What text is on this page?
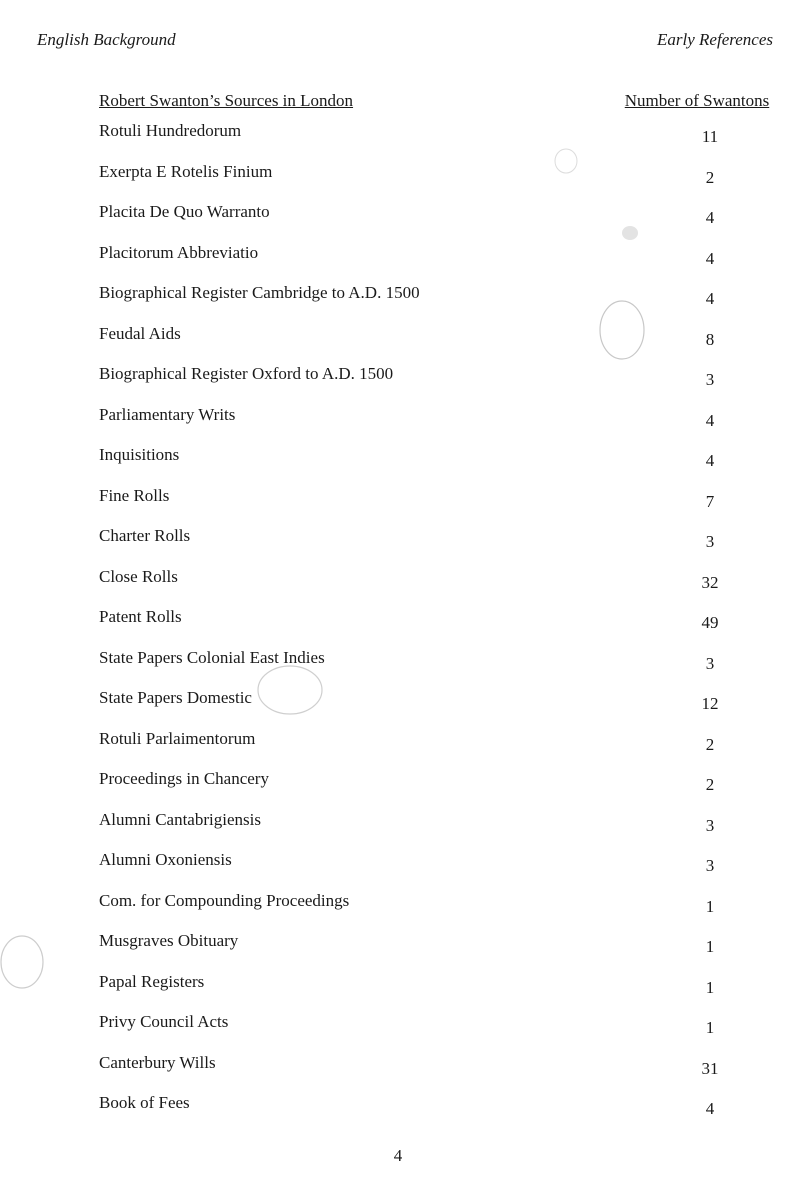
English Background	Early References
Robert Swanton’s Sources in London	Number of Swantons
Rotuli Hundredorum	11
Exerpta E Rotelis Finium	2
Placita De Quo Warranto	4
Placitorum Abbreviatio	4
Biographical Register Cambridge to A.D. 1500	4
Feudal Aids	8
Biographical Register Oxford to A.D. 1500	3
Parliamentary Writs	4
Inquisitions	4
Fine Rolls	7
Charter Rolls	3
Close Rolls	32
Patent Rolls	49
State Papers Colonial East Indies	3
State Papers Domestic	12
Rotuli Parlaimentorum	2
Proceedings in Chancery	2
Alumni Cantabrigiensis	3
Alumni Oxoniensis	3
Com. for Compounding Proceedings	1
Musgraves Obituary	1
Papal Registers	1
Privy Council Acts	1
Canterbury Wills	31
Book of Fees	4
4
